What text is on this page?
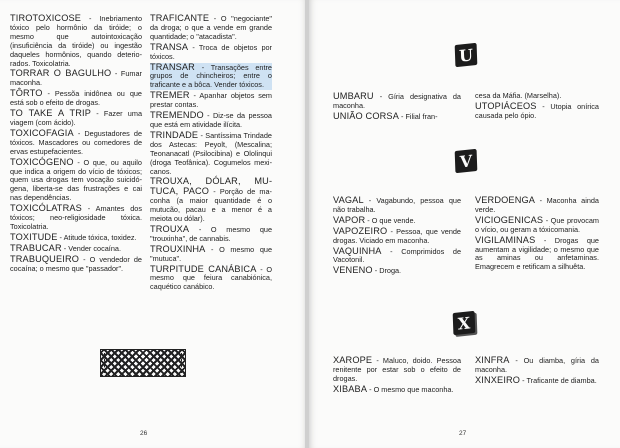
TIROTOXICOSE - Inebriamento tóxico pelo hormônio da tiróide; o mesmo que autointoxicação (insuficiência da tiróide) ou ingestão daqueles hormônios, quando deteriorados. Toxicolatria.

TORRAR O BAGULHO - Fumar maconha.

TÔRTO - Pessõa inidônea ou que está sob o efeito de drogas.

TO TAKE A TRIP - Fazer uma viagem (com ácido).

TOXICOFAGIA - Degustadores de tóxicos. Mascadores ou comedores de ervas estupefacientes.

TOXICÓGENO - O que, ou aquilo que indica a origem do vício de tóxicos; quem usa drogas tem vocação suicidógena, liberta-se das frustrações e cai nas dependências.

TOXICÓLATRAS - Amantes dos tóxicos; neo-religiosidade tóxica. Toxicolatria.

TOXITUDE - Atitude tóxica, toxidez.

TRABUCAR - Vender cocaína.

TRABUQUEIRO - O vendedor de cocaína; o mesmo que "passador".

TRAFICANTE - O "negociante" da droga; o que a vende em grande quantidade; o "atacadista".

TRANSA - Troca de objetos por tóxicos.

TRANSAR - Transações entre grupos de chincheiros; entre o traficante e a bôca. Vender tóxicos.

TREMER - Apanhar objetos sem prestar contas.

TREMENDO - Diz-se da pessoa que está em atividade ilícita.

TRINDADE - Santíssima Trindade dos Astecas: Peyolt, (Mescalina; Teonanacatl (Psilocibina) e Ololinqui (droga Teofânica). Cogumelos mexicanos.

TROUXA, DÓLAR, MUTUCA, PACO - Porção de maconha (a maior quantidade é o mutucão, pacau e a menor é a meiota ou dólar).

TROUXA - O mesmo que "trouxinha", de cannabis.

TROUXINHA - O mesmo que "mutuca".

TURPITUDE CANÁBICA - O mesmo que feiura canabiónica, caquético canábico.

26
U

UMBARU - Gíria designativa da maconha.

UNIÃO CORSA - Filial fran-

cesa da Máfia. (Marselha).

UTOPIÁCEOS - Utopia onírica causada pelo ópio.

V

VAGAL - Vagabundo, pessoa que não trabalha.

VAPOR - O que vende.

VAPOZEIRO - Pessoa, que vende drogas. Viciado em maconha.

VAQUINHA - Comprimidos de Vacotonil.

VENENO - Droga.

VERDOENGA - Maconha ainda verde.

VICIOGENICAS - Que provocam o vício, ou geram a tóxicomania.

VIGILAMINAS - Drogas que aumentam a vigilidade; o mesmo que as aminas ou anfetaminas. Emagrecem e retificam a silhuêta.

X

XAROPE - Maluco, doido. Pessoa renitente por estar sob o efeito de drogas.

XIBABA - O mesmo que maconha.

XINFRA - Ou diamba, gíria da maconha.

XINXEIRO - Traficante de diamba.

27
